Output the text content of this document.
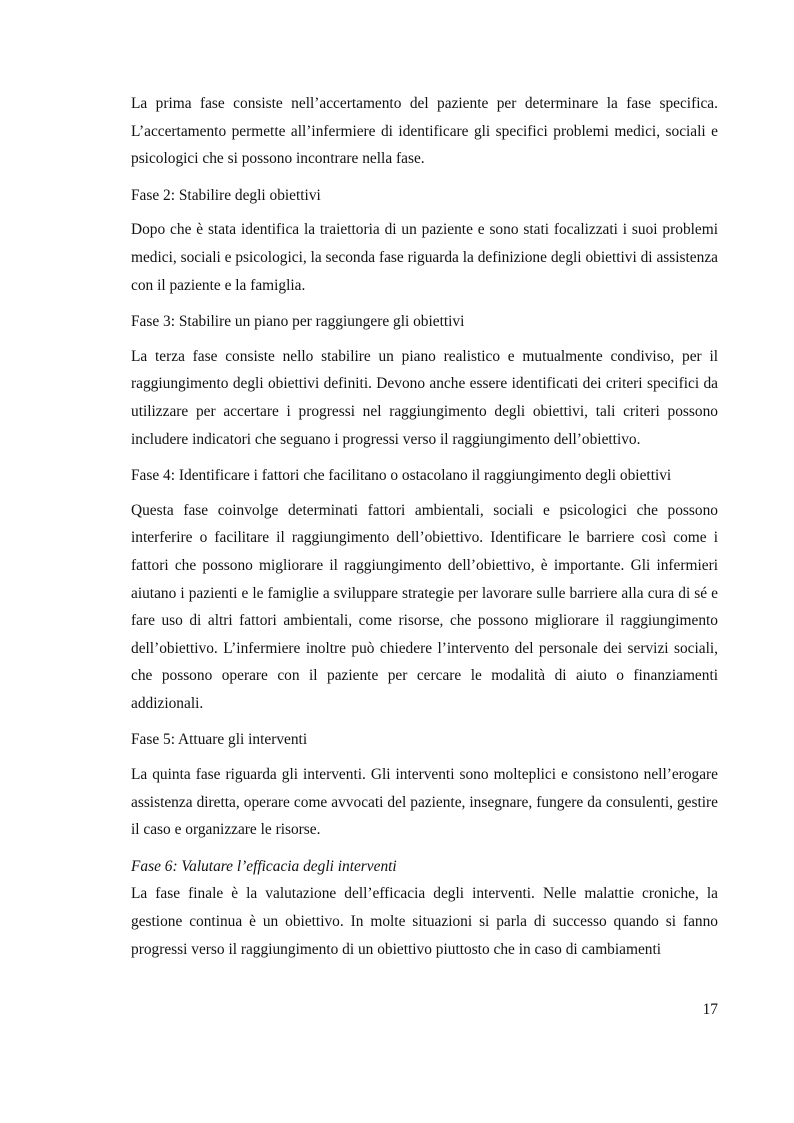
La prima fase consiste nell’accertamento del paziente per determinare la fase specifica. L’accertamento permette all’infermiere di identificare gli specifici problemi medici, sociali e psicologici che si possono incontrare nella fase.

Fase 2: Stabilire degli obiettivi

Dopo che è stata identifica la traiettoria di un paziente e sono stati focalizzati i suoi problemi medici, sociali e psicologici, la seconda fase riguarda la definizione degli obiettivi di assistenza con il paziente e la famiglia.

Fase 3: Stabilire un piano per raggiungere gli obiettivi

La terza fase consiste nello stabilire un piano realistico e mutualmente condiviso, per il raggiungimento degli obiettivi definiti. Devono anche essere identificati dei criteri specifici da utilizzare per accertare i progressi nel raggiungimento degli obiettivi, tali criteri possono includere indicatori che seguano i progressi verso il raggiungimento dell’obiettivo.

Fase 4: Identificare i fattori che facilitano o ostacolano il raggiungimento degli obiettivi

Questa fase coinvolge determinati fattori ambientali, sociali e psicologici che possono interferire o facilitare il raggiungimento dell’obiettivo. Identificare le barriere così come i fattori che possono migliorare il raggiungimento dell’obiettivo, è importante. Gli infermieri aiutano i pazienti e le famiglie a sviluppare strategie per lavorare sulle barriere alla cura di sé e fare uso di altri fattori ambientali, come risorse, che possono migliorare il raggiungimento dell’obiettivo. L’infermiere inoltre può chiedere l’intervento del personale dei servizi sociali, che possono operare con il paziente per cercare le modalità di aiuto o finanziamenti addizionali.

Fase 5: Attuare gli interventi

La quinta fase riguarda gli interventi. Gli interventi sono molteplici e consistono nell’erogare assistenza diretta, operare come avvocati del paziente, insegnare, fungere da consulenti, gestire il caso e organizzare le risorse.

Fase 6: Valutare l’efficacia degli interventi

La fase finale è la valutazione dell’efficacia degli interventi. Nelle malattie croniche, la gestione continua è un obiettivo. In molte situazioni si parla di successo quando si fanno progressi verso il raggiungimento di un obiettivo piuttosto che in caso di cambiamenti

17
